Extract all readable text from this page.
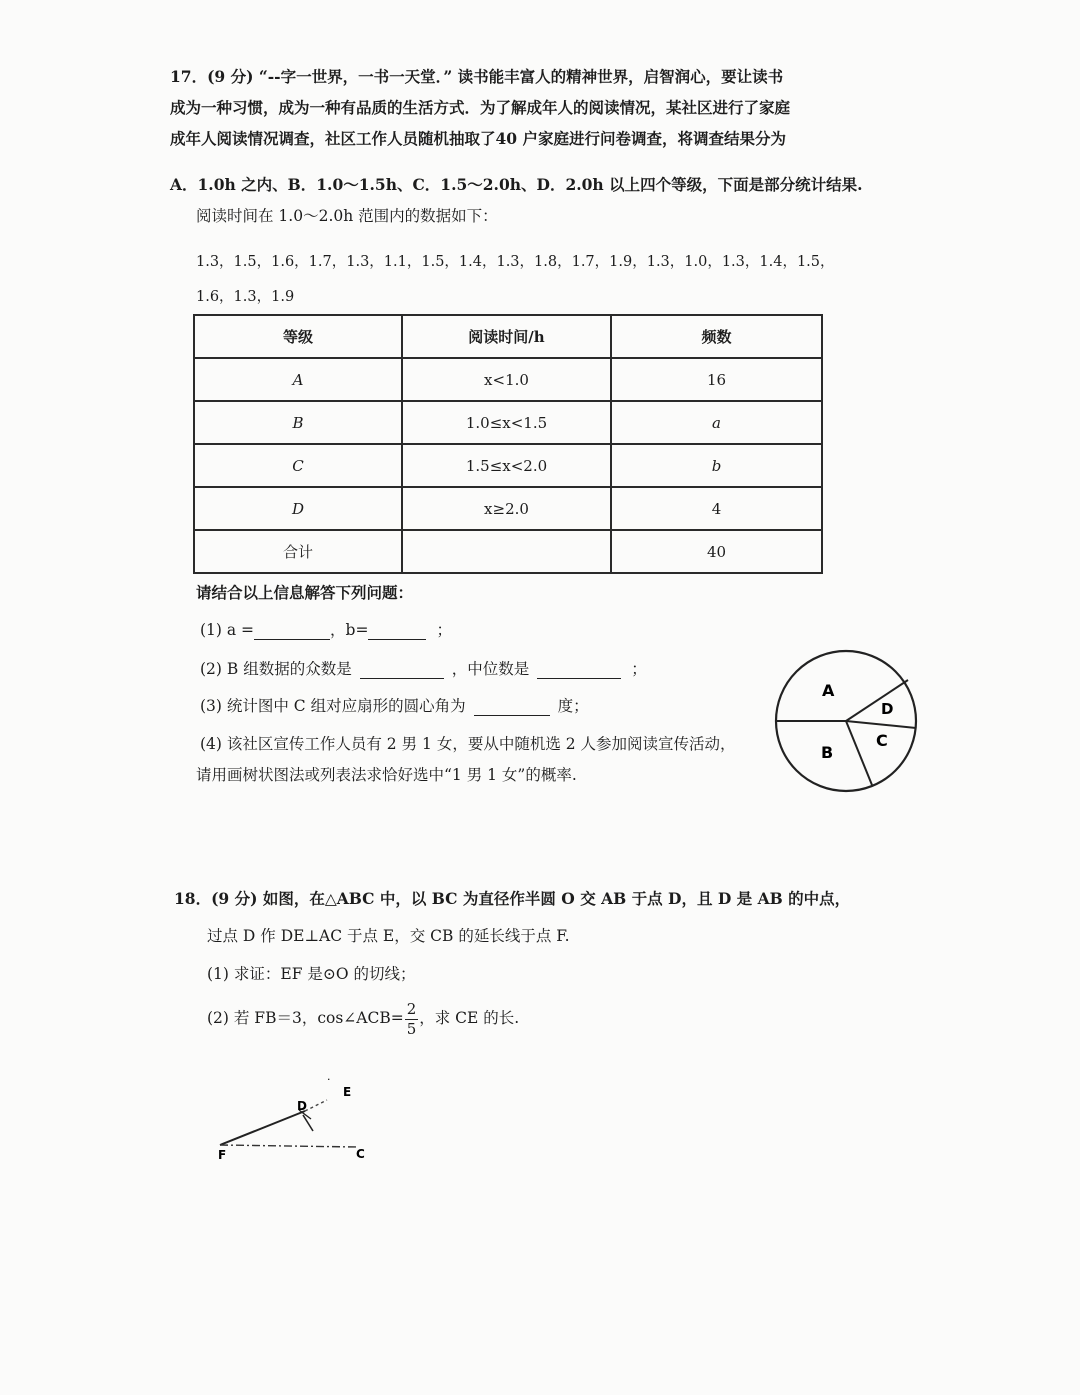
17．(9 分) “--字一世界，一书一天堂．” 读书能丰富人的精神世界，启智润心，要让读书
成为一种习惯，成为一种有品质的生活方式．为了解成年人的阅读情况，某社区进行了家庭
成年人阅读情况调查，社区工作人员随机抽取了40 户家庭进行问卷调查，将调查结果分为
A．1.0h 之内、B．1.0～1.5h、C．1.5～2.0h、D．2.0h 以上四个等级，下面是部分统计结果.
阅读时间在 1.0～2.0h 范围内的数据如下：
1.3，1.5，1.6，1.7，1.3，1.1，1.5，1.4，1.3，1.8，1.7，1.9，1.3，1.0，1.3，1.4，1.5，
1.6，1.3，1.9
等级	阅读时间/h	频数
A	x<1.0	16
B	1.0≤x<1.5	a
C	1.5≤x<2.0	b
D	x≥2.0	4
合计		40
请结合以上信息解答下列问题：
(1) a =	，b=	；
(2) B 组数据的众数是	，中位数是	；
(3) 统计图中 C 组对应扇形的圆心角为	度；
(4) 该社区宣传工作人员有 2 男 1 女，要从中随机选 2 人参加阅读宣传活动，
请用画树状图法或列表法求恰好选中“1 男 1 女”的概率.
A
D
C
B
18．(9 分) 如图，在△ABC 中，以 BC 为直径作半圆 O 交 AB 于点 D，且 D 是 AB 的中点，
过点 D 作 DE⊥AC 于点 E，交 CB 的延长线于点 F.
(1) 求证：EF 是⊙O 的切线；
(2) 若 FB＝3，cos∠ACB= $\frac{2}{5}$ ，求 CE 的长.
·
E
D
F	C
